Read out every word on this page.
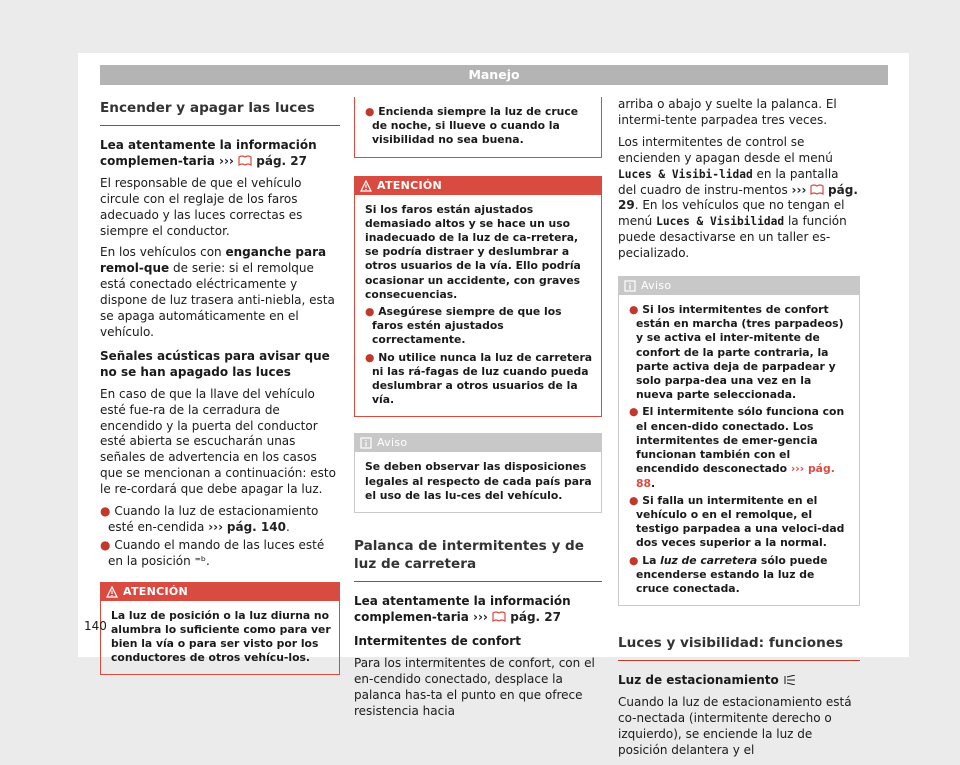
Manejo
Encender y apagar las luces

Lea atentamente la información complemen-taria ››› pág. 27

El responsable de que el vehículo circule con el reglaje de los faros adecuado y las luces correctas es siempre el conductor.

En los vehículos con enganche para remol-que de serie: si el remolque está conectado eléctricamente y dispone de luz trasera anti-niebla, esta se apaga automáticamente en el vehículo.

Señales acústicas para avisar que no se han apagado las luces

En caso de que la llave del vehículo esté fue-ra de la cerradura de encendido y la puerta del conductor esté abierta se escucharán unas señales de advertencia en los casos que se mencionan a continuación: esto le re-cordará que debe apagar la luz.

● Cuando la luz de estacionamiento esté en-cendida ››› pág. 140.

● Cuando el mando de las luces esté en la posición ⁼ᵇ.

ATENCIÓN

La luz de posición o la luz diurna no alumbra lo suficiente como para ver bien la vía o para ser visto por los conductores de otros vehícu-los.

● Encienda siempre la luz de cruce de noche, si llueve o cuando la visibilidad no sea buena.

ATENCIÓN

Si los faros están ajustados demasiado altos y se hace un uso inadecuado de la luz de ca-rretera, se podría distraer y deslumbrar a otros usuarios de la vía. Ello podría ocasionar un accidente, con graves consecuencias.

● Asegúrese siempre de que los faros estén ajustados correctamente.

● No utilice nunca la luz de carretera ni las rá-fagas de luz cuando pueda deslumbrar a otros usuarios de la vía.

Aviso

Se deben observar las disposiciones legales al respecto de cada país para el uso de las lu-ces del vehículo.

Palanca de intermitentes y de luz de carretera

Lea atentamente la información complemen-taria ››› pág. 27

Intermitentes de confort

Para los intermitentes de confort, con el en-cendido conectado, desplace la palanca has-ta el punto en que ofrece resistencia hacia

arriba o abajo y suelte la palanca. El intermi-tente parpadea tres veces.

Los intermitentes de control se encienden y apagan desde el menú Luces & Visibi-lidad en la pantalla del cuadro de instru-mentos ››› pág. 29. En los vehículos que no tengan el menú Luces & Visibilidad la función puede desactivarse en un taller es-pecializado.

Aviso

● Si los intermitentes de confort están en marcha (tres parpadeos) y se activa el inter-mitente de confort de la parte contraria, la parte activa deja de parpadear y solo parpa-dea una vez en la nueva parte seleccionada.

● El intermitente sólo funciona con el encen-dido conectado. Los intermitentes de emer-gencia funcionan también con el encendido desconectado ››› pág. 88.

● Si falla un intermitente en el vehículo o en el remolque, el testigo parpadea a una veloci-dad dos veces superior a la normal.

● La luz de carretera sólo puede encenderse estando la luz de cruce conectada.

Luces y visibilidad: funciones

Luz de estacionamiento

Cuando la luz de estacionamiento está co-nectada (intermitente derecho o izquierdo), se enciende la luz de posición delantera y el

140
